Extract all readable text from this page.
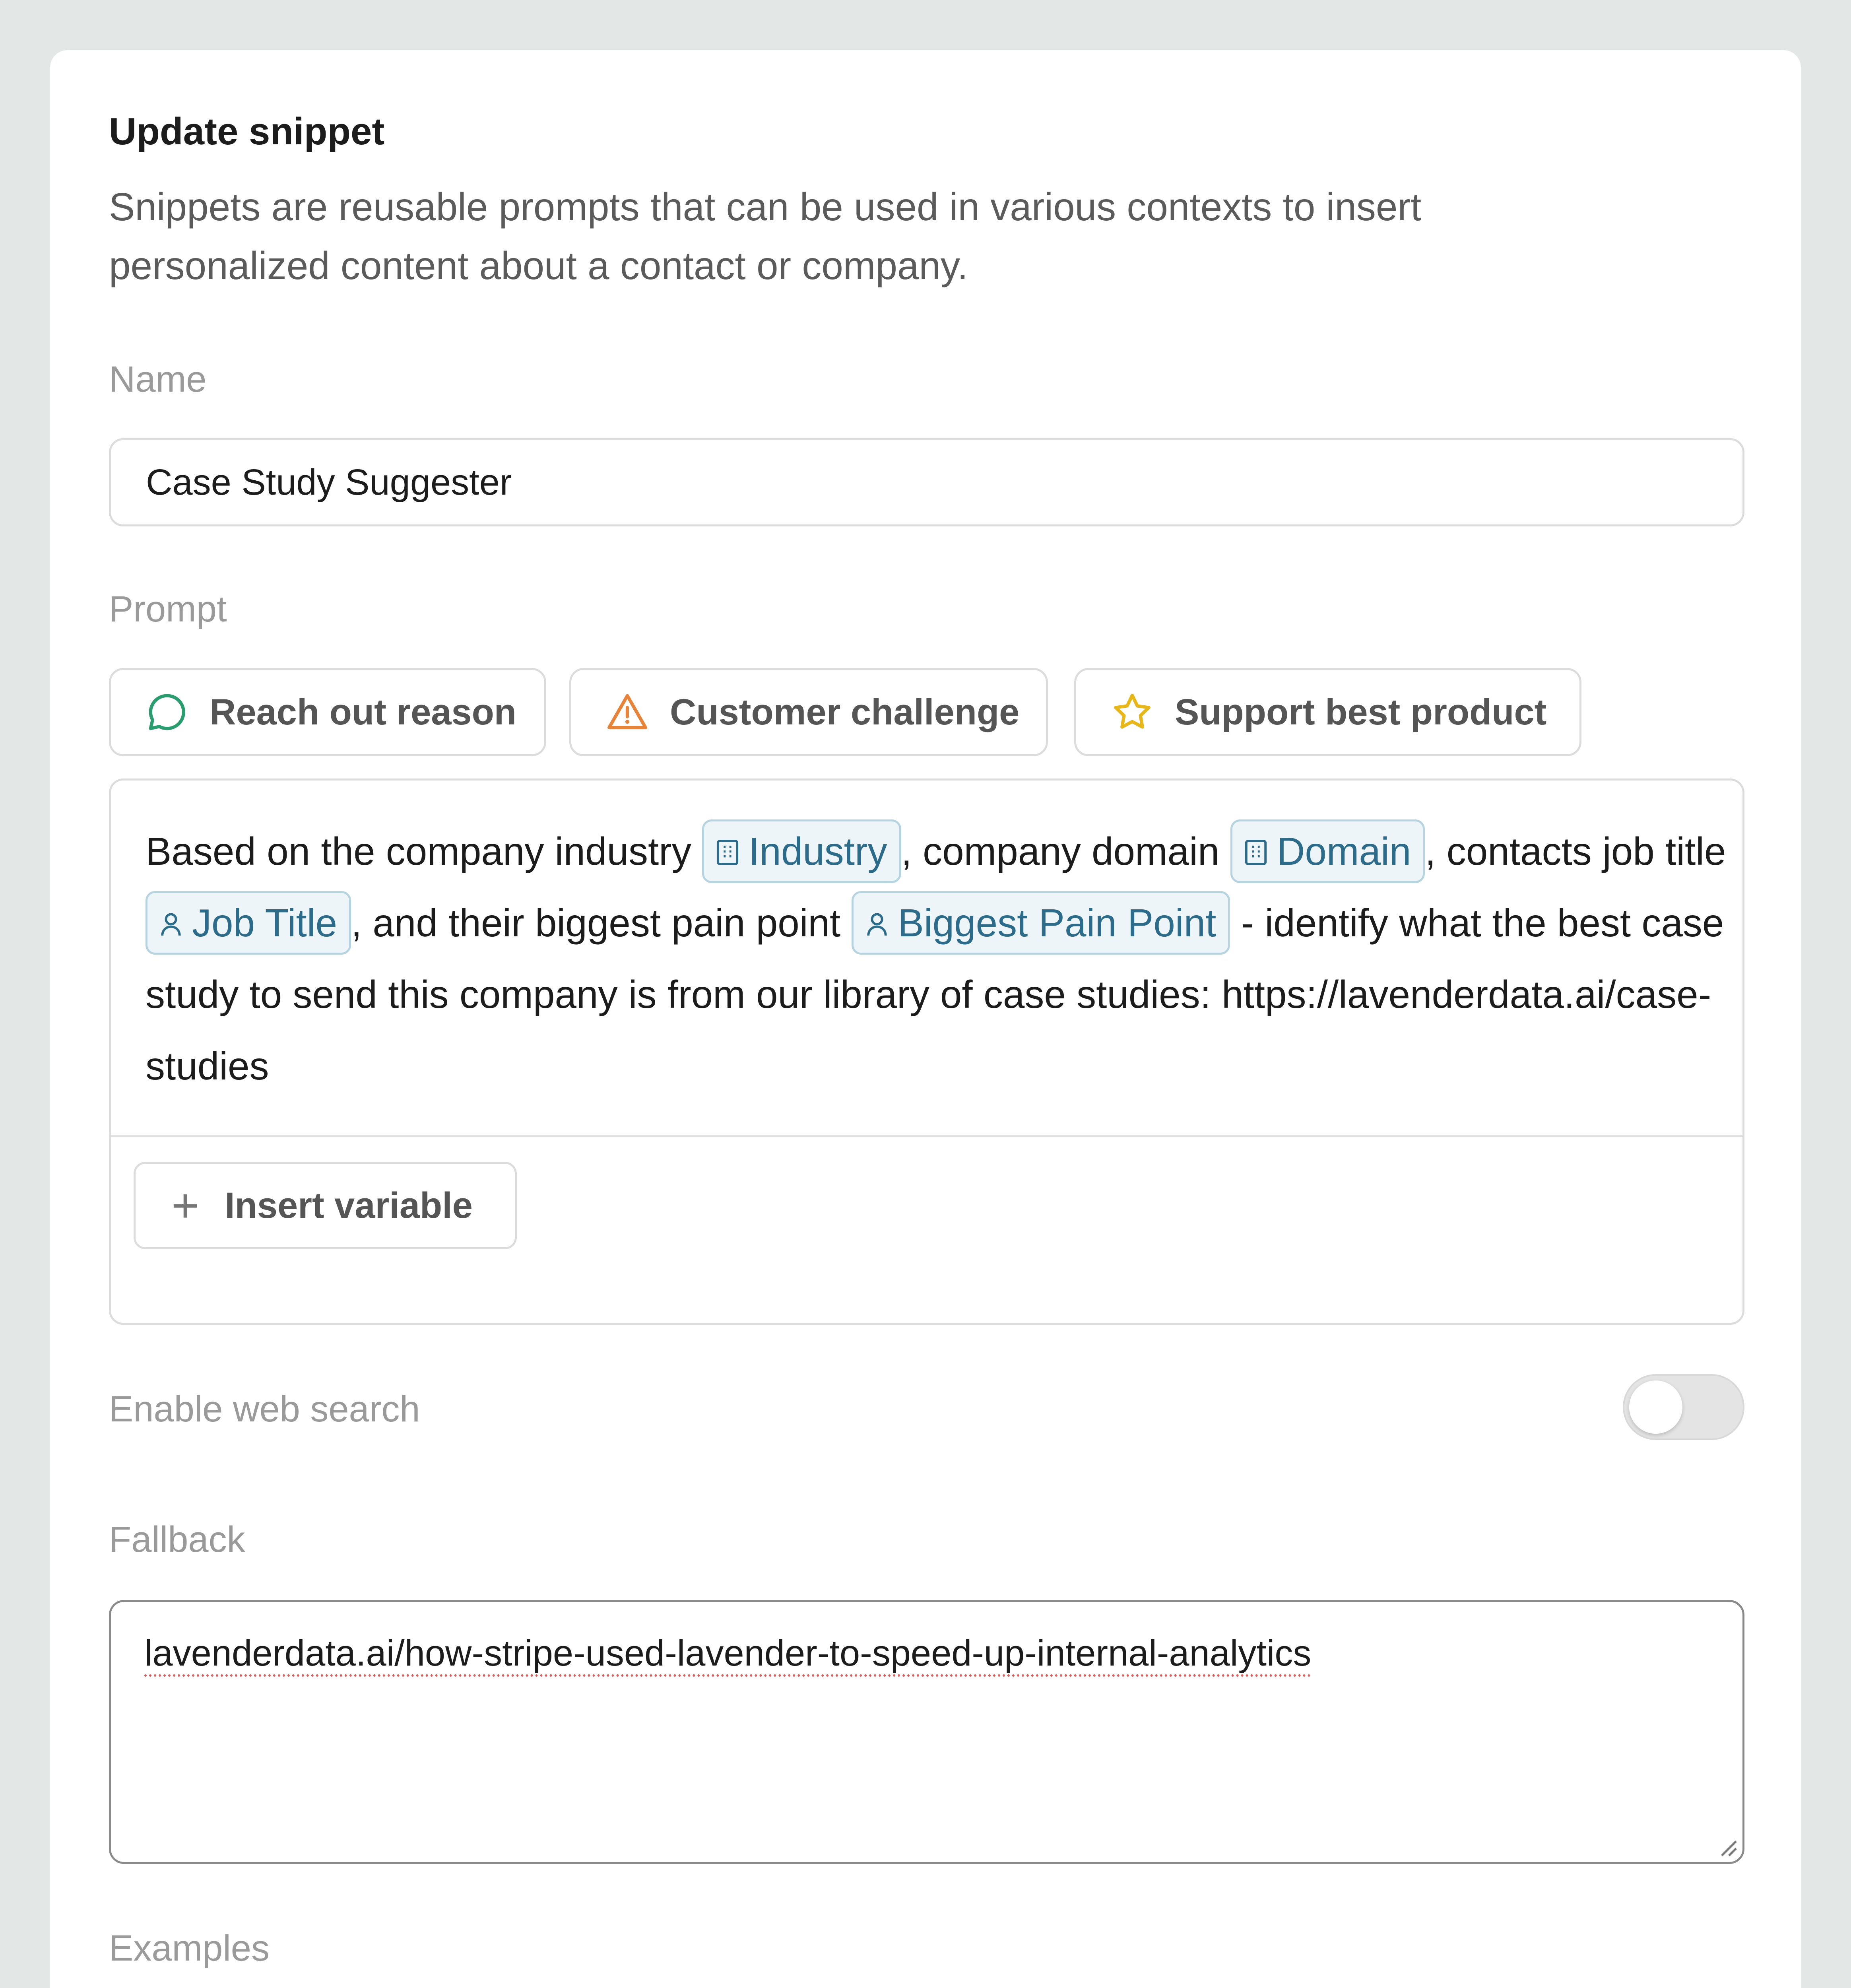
Update snippet
Snippets are reusable prompts that can be used in various contexts to insert personalized content about a contact or company.
Name
Case Study Suggester
Prompt
Reach out reason	Customer challenge	Support best product
Based on the company industry Industry , company domain Domain , contacts job title Job Title , and their biggest pain point Biggest Pain Point - identify what the best case study to send this company is from our library of case studies: https://lavenderdata.ai/case-studies
+ Insert variable
Enable web search
Fallback
lavenderdata.ai/how-stripe-used-lavender-to-speed-up-internal-analytics
Examples
